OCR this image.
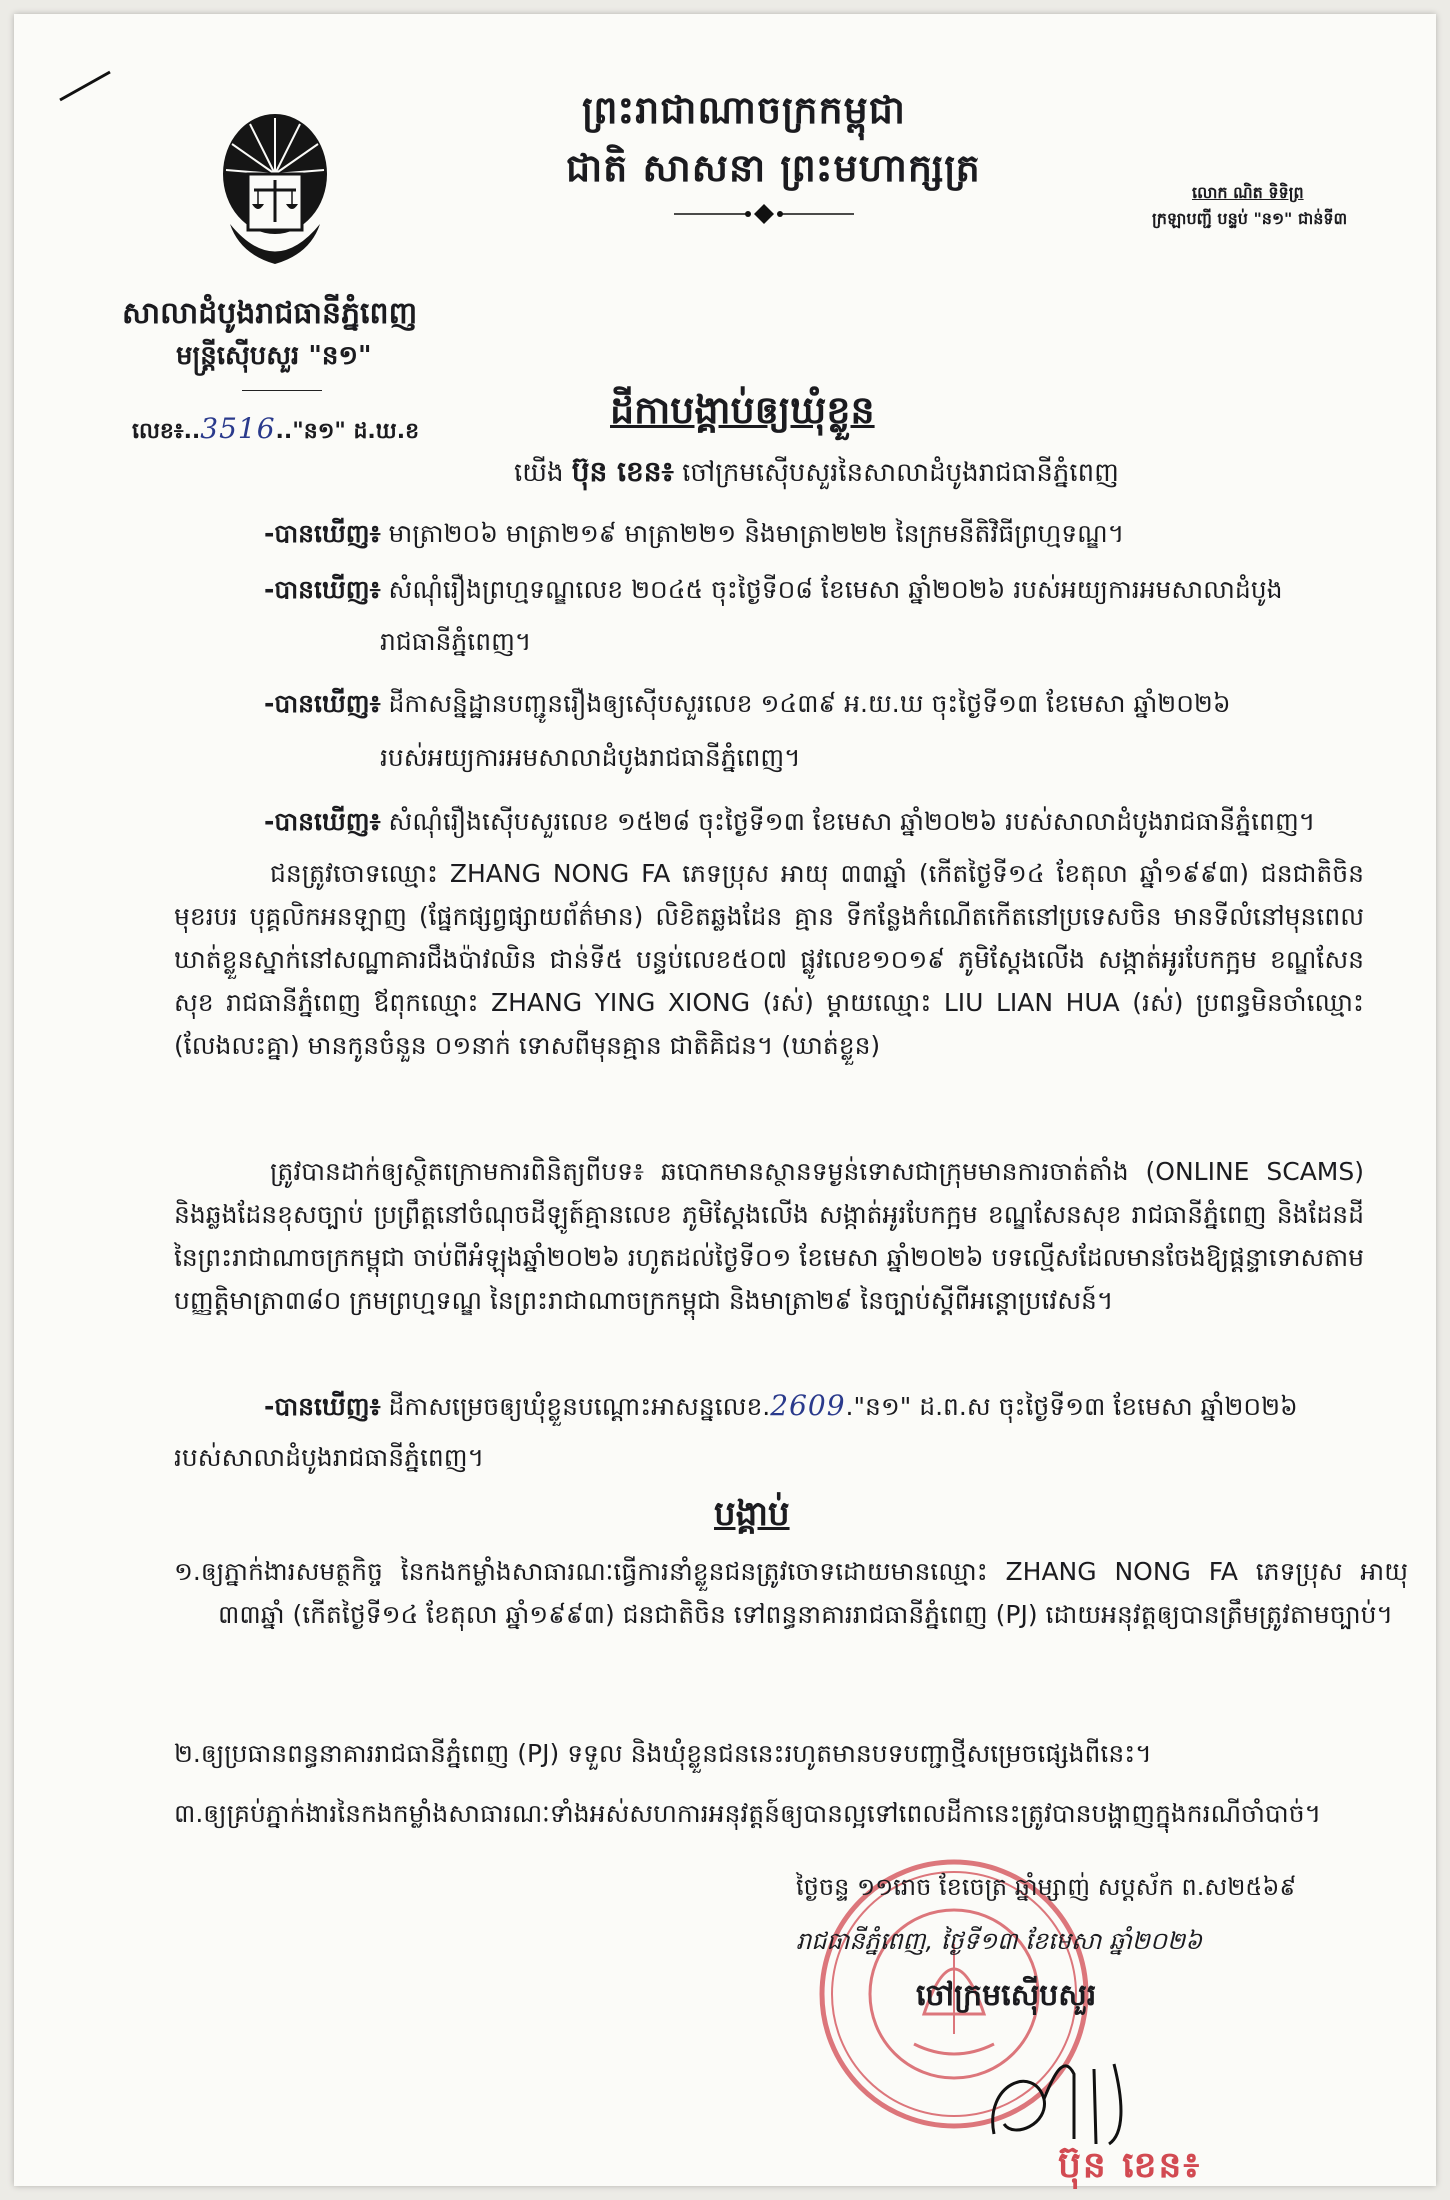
ព្រះរាជាណាចក្រកម្ពុជា
ជាតិ សាសនា ព្រះមហាក្សត្រ
លោក ណិត ទិទិព្រ
ក្រឡាបញ្ជី បន្ទប់ "ន១" ជាន់ទី៣
សាលាដំបូងរាជធានីភ្នំពេញ
មន្ត្រីស៊ើបសួរ "ន១"
លេខ៖..3516.."ន១" ដ.ឃ.ខ	ដីកាបង្គាប់ឲ្យឃុំខ្លួន
យើង ប៊ុន ខេន៖ ចៅក្រមស៊ើបសួរនៃសាលាដំបូងរាជធានីភ្នំពេញ
-បានឃើញ៖ មាត្រា២០៦ មាត្រា២១៩ មាត្រា២២១ និងមាត្រា២២២ នៃក្រមនីតិវិធីព្រហ្មទណ្ឌ។
-បានឃើញ៖ សំណុំរឿងព្រហ្មទណ្ឌលេខ ២០៤៥ ចុះថ្ងៃទី០៨ ខែមេសា ឆ្នាំ២០២៦ របស់អយ្យការអមសាលាដំបូង
រាជធានីភ្នំពេញ។
-បានឃើញ៖ ដីកាសន្និដ្ឋានបញ្ជូនរឿងឲ្យស៊ើបសួរលេខ ១៤៣៩ អ.យ.ឃ ចុះថ្ងៃទី១៣ ខែមេសា ឆ្នាំ២០២៦
របស់អយ្យការអមសាលាដំបូងរាជធានីភ្នំពេញ។
-បានឃើញ៖ សំណុំរឿងស៊ើបសួរលេខ ១៥២៨ ចុះថ្ងៃទី១៣ ខែមេសា ឆ្នាំ២០២៦ របស់សាលាដំបូងរាជធានីភ្នំពេញ។
ជនត្រូវចោទឈ្មោះ ZHANG NONG FA ភេទប្រុស អាយុ ៣៣ឆ្នាំ (កើតថ្ងៃទី១៤ ខែតុលា ឆ្នាំ១៩៩៣) ជនជាតិចិន មុខរបរ បុគ្គលិកអនឡាញ (ផ្នែកផ្សព្វផ្សាយព័ត៌មាន) លិខិតឆ្លងដែន គ្មាន ទីកន្លែងកំណើតកើតនៅប្រទេសចិន មានទីលំនៅមុនពេលឃាត់ខ្លួនស្នាក់នៅសណ្ឋាគារជឹងប៉ាវឈិន ជាន់ទី៥ បន្ទប់លេខ៥០៧ ផ្លូវលេខ១០១៩ ភូមិស្តែងលើង សង្កាត់អូរបែកក្អម ខណ្ឌសែនសុខ រាជធានីភ្នំពេញ ឪពុកឈ្មោះ ZHANG YING XIONG (រស់) ម្តាយឈ្មោះ LIU LIAN HUA (រស់) ប្រពន្ធមិនចាំឈ្មោះ (លែងលះគ្នា) មានកូនចំនួន ០១នាក់ ទោសពីមុនគ្មាន ជាតិគិជន។ (ឃាត់ខ្លួន)
ត្រូវបានដាក់ឲ្យស្ថិតក្រោមការពិនិត្យពីបទ៖ ឆបោកមានស្ថានទម្ងន់ទោសជាក្រុមមានការចាត់តាំង (ONLINE SCAMS) និងឆ្លងដែនខុសច្បាប់ ប្រព្រឹត្តនៅចំណុចដីឡូត៍គ្មានលេខ ភូមិស្តែងលើង សង្កាត់អូរបែកក្អម ខណ្ឌសែនសុខ រាជធានីភ្នំពេញ និងដែនដីនៃព្រះរាជាណាចក្រកម្ពុជា ចាប់ពីអំឡុងឆ្នាំ២០២៦ រហូតដល់ថ្ងៃទី០១ ខែមេសា ឆ្នាំ២០២៦ បទល្មើសដែលមានចែងឱ្យផ្តន្ទាទោសតាមបញ្ញត្តិមាត្រា៣៨០ ក្រមព្រហ្មទណ្ឌ នៃព្រះរាជាណាចក្រកម្ពុជា និងមាត្រា២៩ នៃច្បាប់ស្តីពីអន្តោប្រវេសន៍។
-បានឃើញ៖ ដីកាសម្រេចឲ្យឃុំខ្លួនបណ្តោះអាសន្នលេខ.2609."ន១" ដ.ព.ស ចុះថ្ងៃទី១៣ ខែមេសា ឆ្នាំ២០២៦
របស់សាលាដំបូងរាជធានីភ្នំពេញ។
បង្គាប់
១.ឲ្យភ្នាក់ងារសមត្ថកិច្ច នៃកងកម្លាំងសាធារណៈធ្វើការនាំខ្លួនជនត្រូវចោទដោយមានឈ្មោះ ZHANG NONG FA ភេទប្រុស អាយុ ៣៣ឆ្នាំ (កើតថ្ងៃទី១៤ ខែតុលា ឆ្នាំ១៩៩៣) ជនជាតិចិន ទៅពន្ធនាគាររាជធានីភ្នំពេញ (PJ) ដោយអនុវត្តឲ្យបានត្រឹមត្រូវតាមច្បាប់។
២.ឲ្យប្រធានពន្ធនាគាររាជធានីភ្នំពេញ (PJ) ទទួល និងឃុំខ្លួនជននេះរហូតមានបទបញ្ជាថ្មីសម្រេចផ្សេងពីនេះ។
៣.ឲ្យគ្រប់ភ្នាក់ងារនៃកងកម្លាំងសាធារណៈទាំងអស់សហការអនុវត្តន៍ឲ្យបានល្អទៅពេលដីកានេះត្រូវបានបង្ហាញក្នុងករណីចាំបាច់។
ថ្ងៃចន្ទ ១១រោច ខែចេត្រ ឆ្នាំម្សាញ់ សប្តស័ក ព.ស២៥៦៩
រាជធានីភ្នំពេញ, ថ្ងៃទី១៣ ខែមេសា ឆ្នាំ២០២៦
ចៅក្រមស៊ើបសួរ
ប៊ុន ខេន៖
